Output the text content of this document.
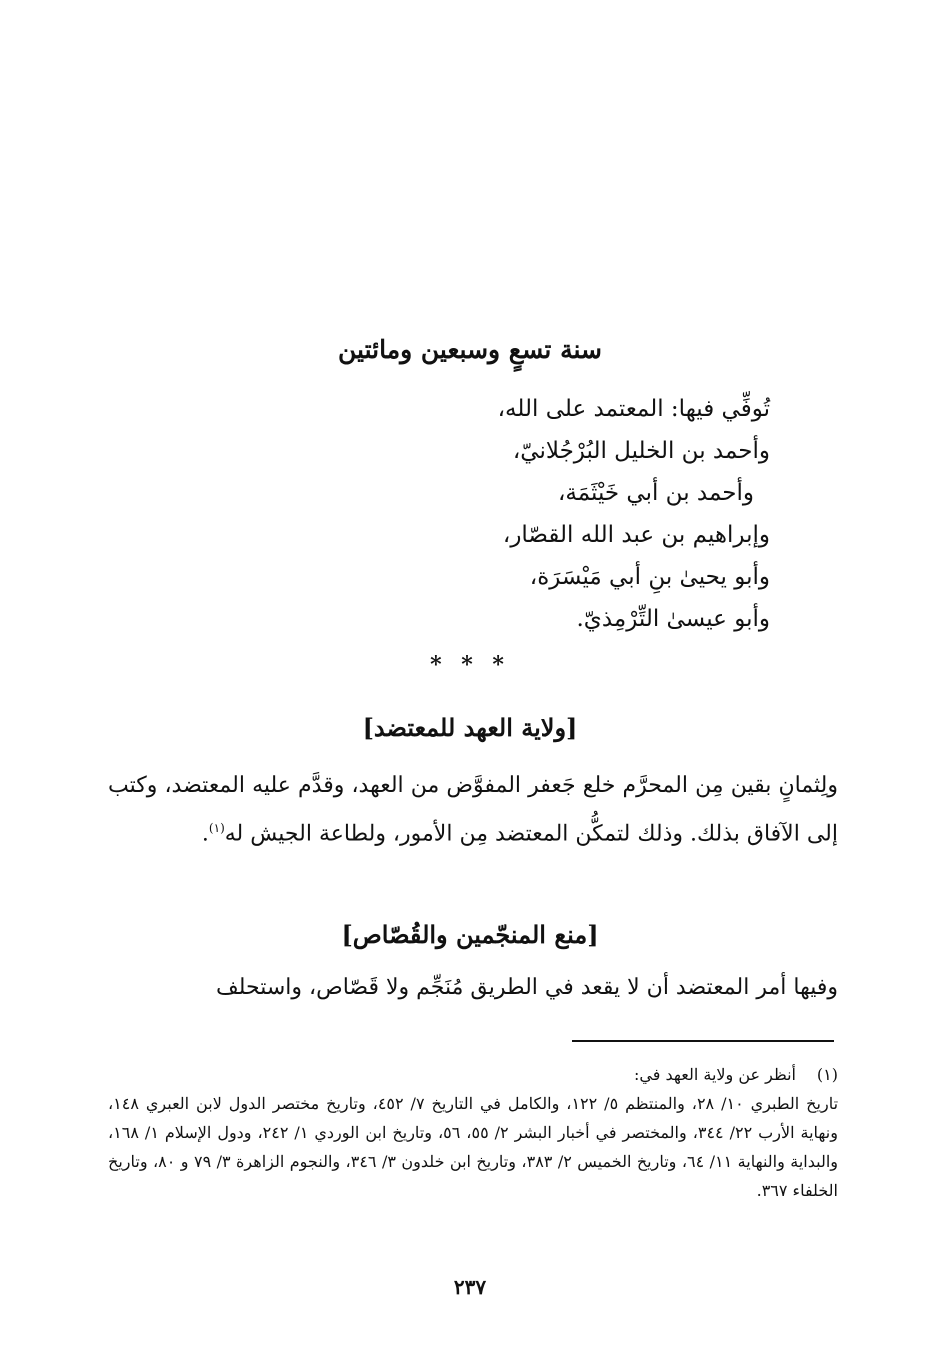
سنة تسعٍ وسبعين ومائتين
تُوفِّي فيها: المعتمد على الله،
وأحمد بن الخليل البُرْجُلانيّ،
وأحمد بن أبي خَيْثَمَة،
وإبراهيم بن عبد الله القصّار،
وأبو يحيىٰ بنِ أبي مَيْسَرَة،
وأبو عيسىٰ التِّرْمِذيّ.
* * *
[ولاية العهد للمعتضد]

ولِثمانٍ بقين مِن المحرَّم خلع جَعفر المفوَّض من العهد، وقدَّم عليه المعتضد، وكتب إلى الآفاق بذلك. وذلك لتمكُّن المعتضد مِن الأمور، ولطاعة الجيش له$^{(١)}$.

[منع المنجّمين والقُصّاص]

وفيها أمر المعتضد أن لا يقعد في الطريق مُنَجِّم ولا قَصّاص، واستحلف

(١)أنظر عن ولاية العهد في:
تاريخ الطبري ١٠/ ٢٨، والمنتظم ٥/ ١٢٢، والكامل في التاريخ ٧/ ٤٥٢، وتاريخ مختصر الدول لابن العبري ١٤٨، ونهاية الأرب ٢٢/ ٣٤٤، والمختصر في أخبار البشر ٢/ ٥٥، ٥٦، وتاريخ ابن الوردي ١/ ٢٤٢، ودول الإسلام ١/ ١٦٨، والبداية والنهاية ١١/ ٦٤، وتاريخ الخميس ٢/ ٣٨٣، وتاريخ ابن خلدون ٣/ ٣٤٦، والنجوم الزاهرة ٣/ ٧٩ و ٨٠، وتاريخ الخلفاء ٣٦٧.
٢٣٧
